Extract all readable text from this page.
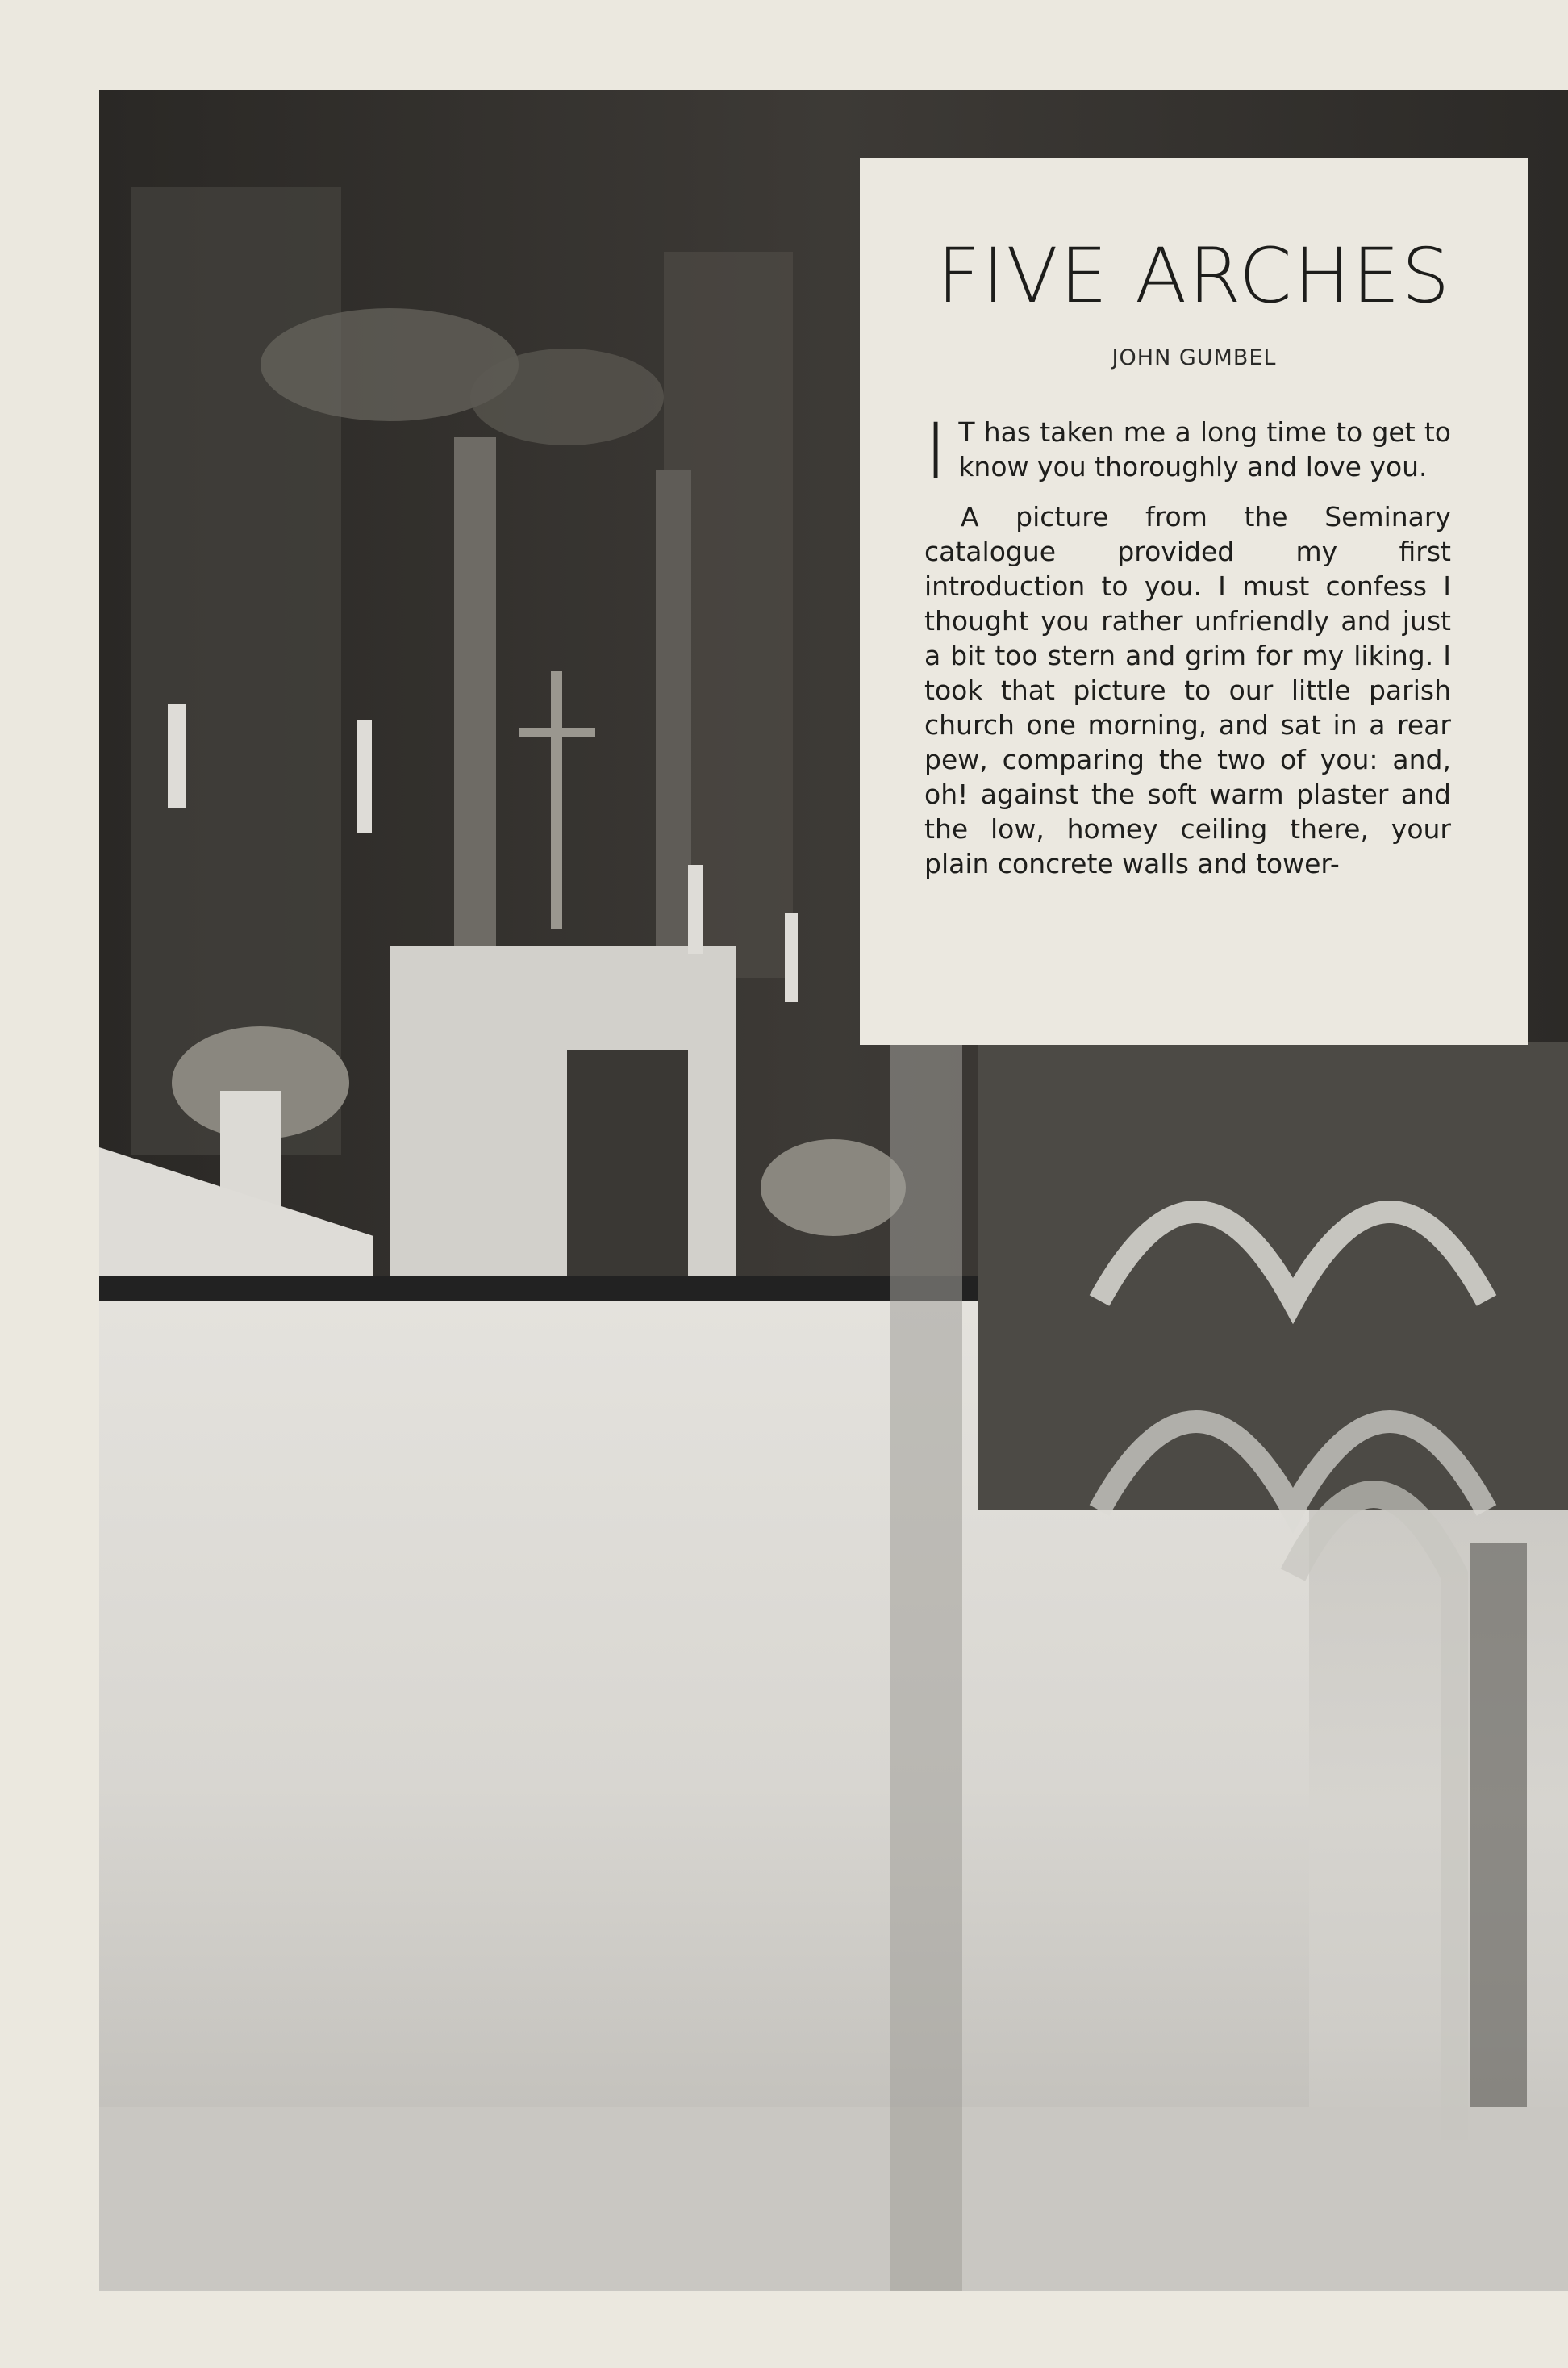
FIVE ARCHES
JOHN GUMBEL

I T has taken me a long time to get to know you thoroughly and love you.

A picture from the Seminary catalogue provided my first introduction to you. I must confess I thought you rather unfriendly and just a bit too stern and grim for my liking. I took that picture to our little parish church one morning, and sat in a rear pew, comparing the two of you: and, oh! against the soft warm plaster and the low, homey ceiling there, your plain concrete walls and tower-
